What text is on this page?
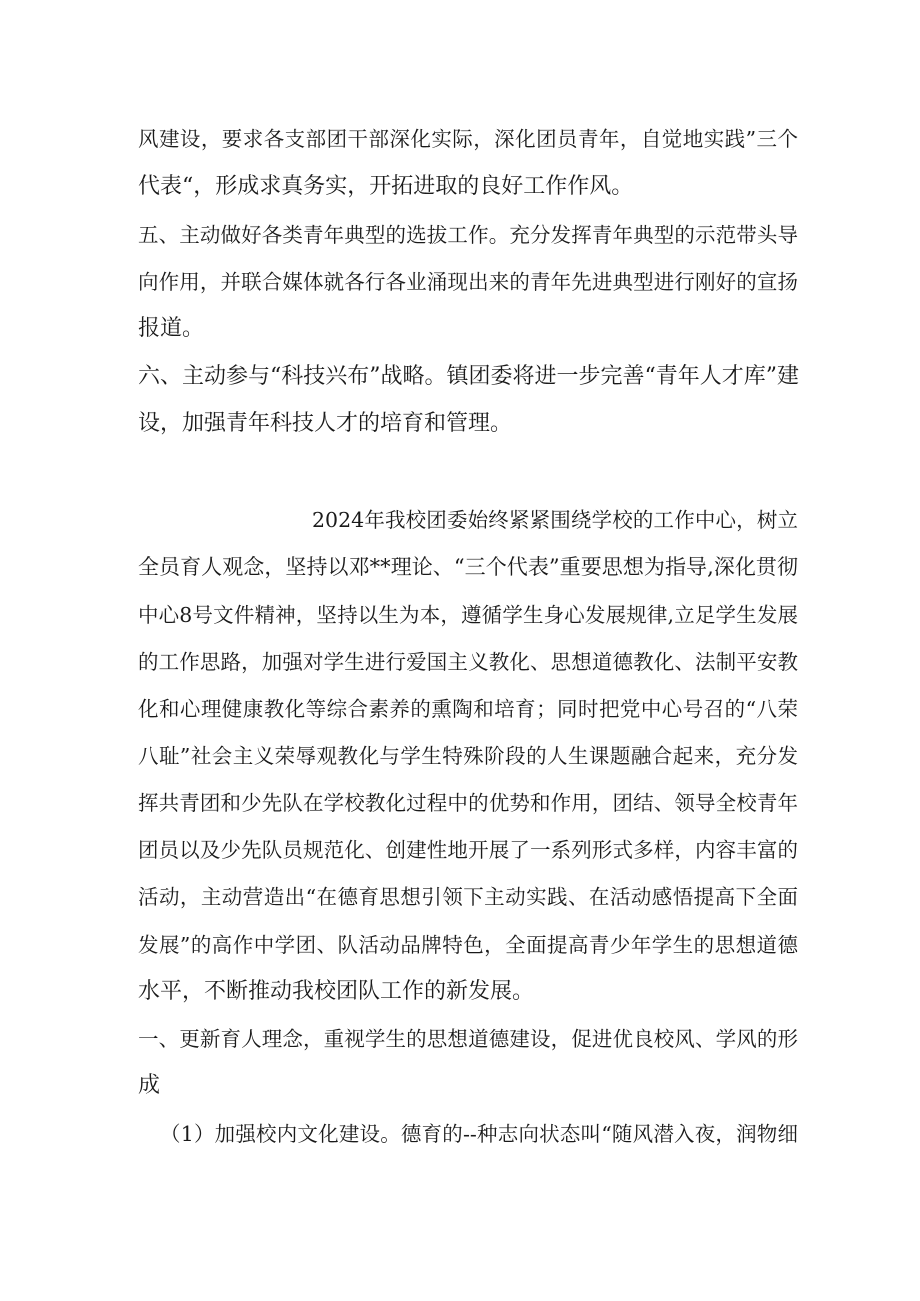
风建设，要求各支部团干部深化实际，深化团员青年，自觉地实践”三个
代表“，形成求真务实，开拓进取的良好工作作风。
五、主动做好各类青年典型的选拔工作。充分发挥青年典型的示范带头导
向作用，并联合媒体就各行各业涌现出来的青年先进典型进行刚好的宣扬
报道。
六、主动参与“科技兴布”战略。镇团委将进一步完善“青年人才库”建
设，加强青年科技人才的培育和管理。
2024年我校团委始终紧紧围绕学校的工作中心，树立
全员育人观念，坚持以邓**理论、“三个代表”重要思想为指导,深化贯彻
中心8号文件精神，坚持以生为本，遵循学生身心发展规律,立足学生发展
的工作思路，加强对学生进行爱国主义教化、思想道德教化、法制平安教
化和心理健康教化等综合素养的熏陶和培育；同时把党中心号召的“八荣
八耻”社会主义荣辱观教化与学生特殊阶段的人生课题融合起来，充分发
挥共青团和少先队在学校教化过程中的优势和作用，团结、领导全校青年
团员以及少先队员规范化、创建性地开展了一系列形式多样，内容丰富的
活动，主动营造出“在德育思想引领下主动实践、在活动感悟提高下全面
发展”的高作中学团、队活动品牌特色，全面提高青少年学生的思想道德
水平，不断推动我校团队工作的新发展。
一、更新育人理念，重视学生的思想道德建设，促进优良校风、学风的形
成
（1）加强校内文化建设。德育的--种志向状态叫“随风潜入夜，润物细
